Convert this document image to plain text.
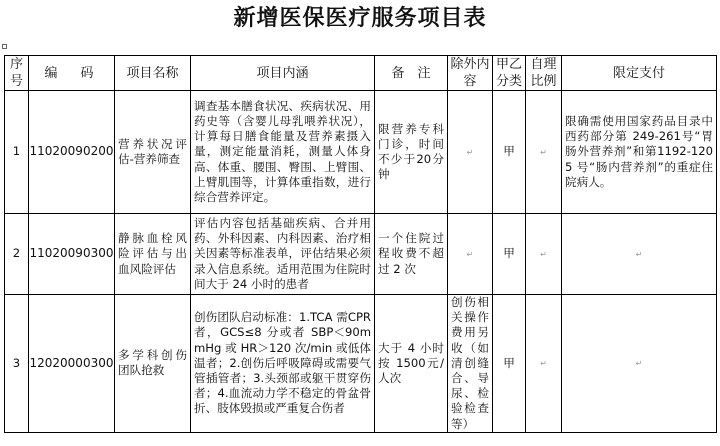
新增医保医疗服务项目表
序号	编　码	项目名称	项目内涵	备　注	除外内容	甲乙分类	自理比例	限定支付
1	11020090200	营养状况评估-营养筛查	调查基本膳食状况、疾病状况、用药史等（含婴儿母乳喂养状况），计算每日膳食能量及营养素摄入量，测定能量消耗，测量人体身高、体重、腰围、臀围、上臂围、上臂肌围等，计算体重指数，进行综合营养评定。	限营养专科门诊，时间不少于20分钟	↵	甲	↵	限确需使用国家药品目录中西药部分第 249-261号“胃肠外营养剂”和第1192-1205 号“肠内营养剂”的重症住院病人。
2	11020090300	静脉血栓风险评估与出血风险评估	评估内容包括基础疾病、合并用药、外科因素、内科因素、治疗相关因素等标准表单，评估结果必须录入信息系统。适用范围为住院时间大于 24 小时的患者	一个住院过程收费不超过 2 次	↵	甲	↵	↵
3	12020000300	多学科创伤团队抢救	创伤团队启动标准：1.TCA 需CPR 者，GCS≤8 分或者 SBP＜90mmHg 或 HR＞120 次/min 或低体温者；2.创伤后呼吸障碍或需要气管插管者；3.头颈部或躯干贯穿伤者；4.血流动力学不稳定的骨盆骨折、肢体毁损或严重复合伤者	大于 4 小时按 1500元/人次	创伤相关操作费用另收（如清创缝合、导尿、检验检查等）	甲	↵	↵
